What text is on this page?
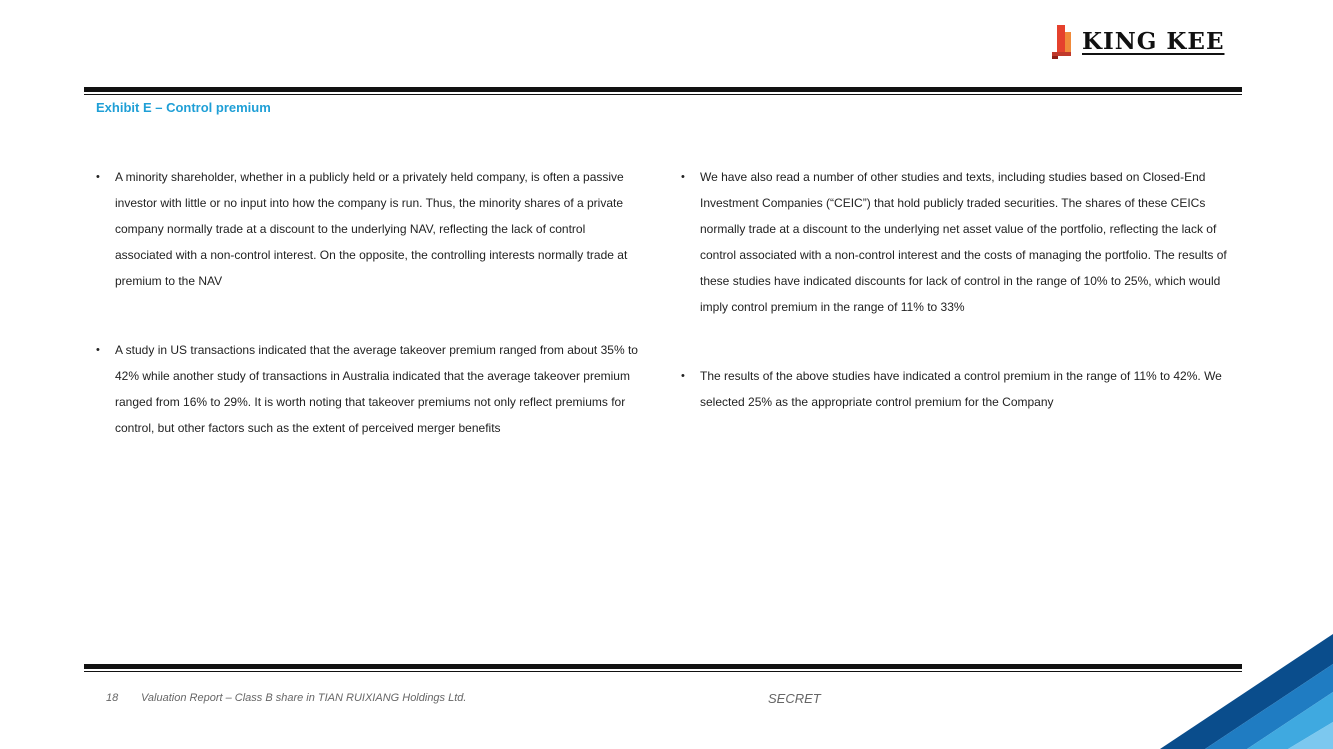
KING KEE
Exhibit E – Control premium

• A minority shareholder, whether in a publicly held or a privately held company, is often a passive investor with little or no input into how the company is run. Thus, the minority shares of a private company normally trade at a discount to the underlying NAV, reflecting the lack of control associated with a non-control interest. On the opposite, the controlling interests normally trade at premium to the NAV

• A study in US transactions indicated that the average takeover premium ranged from about 35% to 42% while another study of transactions in Australia indicated that the average takeover premium ranged from 16% to 29%. It is worth noting that takeover premiums not only reflect premiums for control, but other factors such as the extent of perceived merger benefits

• We have also read a number of other studies and texts, including studies based on Closed-End Investment Companies (“CEIC”) that hold publicly traded securities. The shares of these CEICs normally trade at a discount to the underlying net asset value of the portfolio, reflecting the lack of control associated with a non-control interest and the costs of managing the portfolio. The results of these studies have indicated discounts for lack of control in the range of 10% to 25%, which would imply control premium in the range of 11% to 33%

• The results of the above studies have indicated a control premium in the range of 11% to 42%. We selected 25% as the appropriate control premium for the Company

18 Valuation Report – Class B share in TIAN RUIXIANG Holdings Ltd.	SECRET
